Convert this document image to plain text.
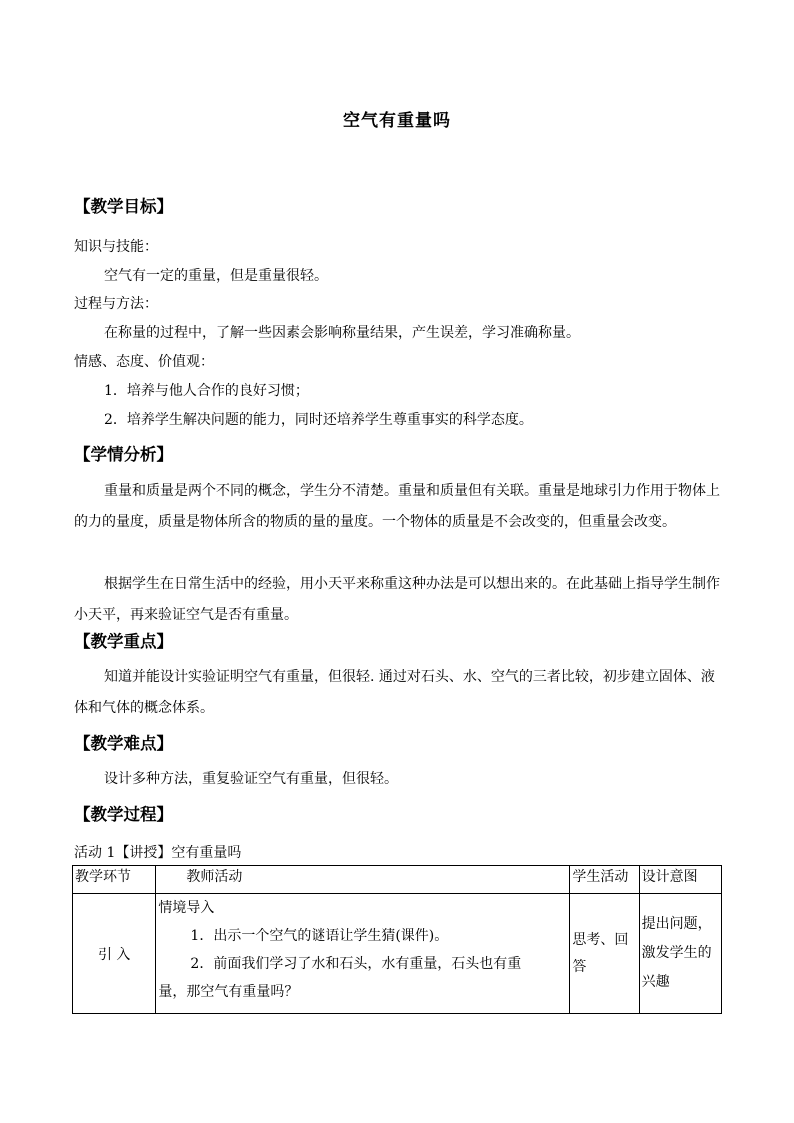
空气有重量吗
【教学目标】
知识与技能：
空气有一定的重量，但是重量很轻。
过程与方法：
在称量的过程中，了解一些因素会影响称量结果，产生误差，学习准确称量。
情感、态度、价值观：
1．培养与他人合作的良好习惯；
2．培养学生解决问题的能力，同时还培养学生尊重事实的科学态度。
【学情分析】
重量和质量是两个不同的概念，学生分不清楚。重量和质量但有关联。重量是地球引力作用于物体上的力的量度，质量是物体所含的物质的量的量度。一个物体的质量是不会改变的，但重量会改变。
根据学生在日常生活中的经验，用小天平来称重这种办法是可以想出来的。在此基础上指导学生制作小天平，再来验证空气是否有重量。
【教学重点】
知道并能设计实验证明空气有重量，但很轻. 通过对石头、水、空气的三者比较，初步建立固体、液体和气体的概念体系。
【教学难点】
设计多种方法，重复验证空气有重量，但很轻。
【教学过程】
活动 1【讲授】空有重量吗
教学环节	教师活动	学生活动	设计意图
引 入	情境导入
1．出示一个空气的谜语让学生猜(课件)。
2．前面我们学习了水和石头，水有重量，石头也有重
量，那空气有重量吗？	思考、回答	提出问题，激发学生的兴趣
